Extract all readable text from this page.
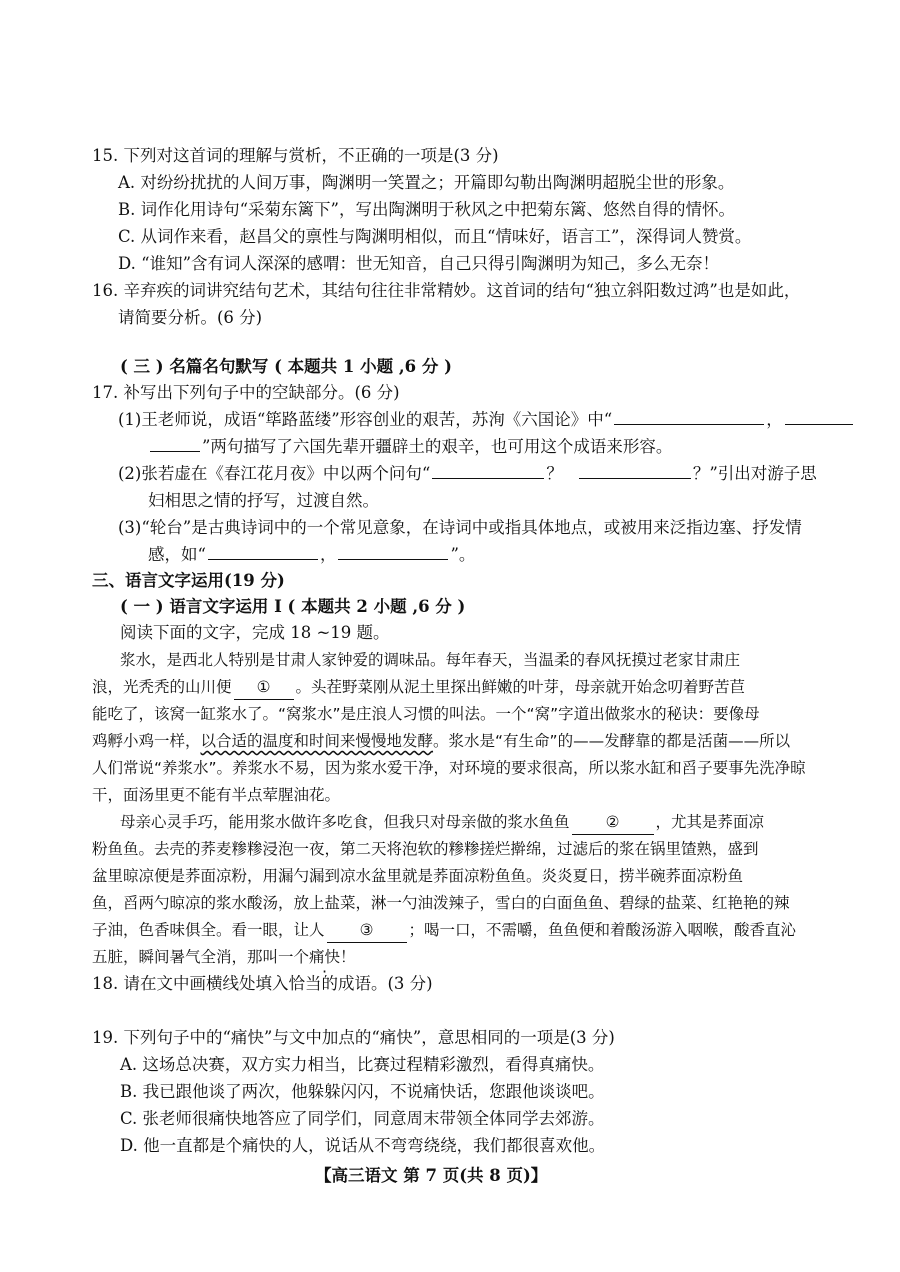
15. 下列对这首词的理解与赏析，不正确的一项是(3 分)
A. 对纷纷扰扰的人间万事，陶渊明一笑置之；开篇即勾勒出陶渊明超脱尘世的形象。
B. 词作化用诗句“采菊东篱下”，写出陶渊明于秋风之中把菊东篱、悠然自得的情怀。
C. 从词作来看，赵昌父的禀性与陶渊明相似，而且“情味好，语言工”，深得词人赞赏。
D. “谁知”含有词人深深的感喟：世无知音，自己只得引陶渊明为知己，多么无奈！
16. 辛弃疾的词讲究结句艺术，其结句往往非常精妙。这首词的结句“独立斜阳数过鸿”也是如此，
请简要分析。(6 分)
( 三 ) 名篇名句默写 ( 本题共 1 小题 ,6 分 )
17. 补写出下列句子中的空缺部分。(6 分)
(1)王老师说，成语“筚路蓝缕”形容创业的艰苦，苏洵《六国论》中“	，
”两句描写了六国先辈开疆辟土的艰辛，也可用这个成语来形容。
(2)张若虚在《春江花月夜》中以两个问句“	？	？”引出对游子思
妇相思之情的抒写，过渡自然。
(3)“轮台”是古典诗词中的一个常见意象，在诗词中或指具体地点，或被用来泛指边塞、抒发情
感，如“	，	”。
三、语言文字运用(19 分)
( 一 ) 语言文字运用 Ⅰ ( 本题共 2 小题 ,6 分 )
阅读下面的文字，完成 18 ~19 题。
浆水，是西北人特别是甘肃人家钟爱的调味品。每年春天，当温柔的春风抚摸过老家甘肃庄
浪，光秃秃的山川便 ① 。头茬野菜刚从泥土里探出鲜嫩的叶芽，母亲就开始念叨着野苦苣
能吃了，该窝一缸浆水了。“窝浆水”是庄浪人习惯的叫法。一个“窝”字道出做浆水的秘诀：要像母
鸡孵小鸡一样，以合适的温度和时间来慢慢地发酵。浆水是“有生命”的——发酵靠的都是活菌——所以
人们常说“养浆水”。养浆水不易，因为浆水爱干净，对环境的要求很高，所以浆水缸和舀子要事先洗净晾
干，面汤里更不能有半点荤腥油花。
母亲心灵手巧，能用浆水做许多吃食，但我只对母亲做的浆水鱼鱼 ② ，尤其是荞面凉
粉鱼鱼。去壳的荞麦糁糁浸泡一夜，第二天将泡软的糁糁搓烂擀绵，过滤后的浆在锅里馇熟，盛到
盆里晾凉便是荞面凉粉，用漏勺漏到凉水盆里就是荞面凉粉鱼鱼。炎炎夏日，捞半碗荞面凉粉鱼
鱼，舀两勺晾凉的浆水酸汤，放上盐菜，淋一勺油泼辣子，雪白的白面鱼鱼、碧绿的盐菜、红艳艳的辣
子油，色香味俱全。看一眼，让人 ③ ；喝一口，不需嚼，鱼鱼便和着酸汤游入咽喉，酸香直沁
五脏，瞬间暑气全消，那叫一个痛快！
18. 请在文中画横线处填入恰当的成语。(3 分)
19. 下列句子中的“痛快”与文中加点的“痛快”，意思相同的一项是(3 分)
A. 这场总决赛，双方实力相当，比赛过程精彩激烈，看得真痛快。
B. 我已跟他谈了两次，他躲躲闪闪，不说痛快话，您跟他谈谈吧。
C. 张老师很痛快地答应了同学们，同意周末带领全体同学去郊游。
D. 他一直都是个痛快的人，说话从不弯弯绕绕，我们都很喜欢他。
【高三语文 第 7 页(共 8 页)】
